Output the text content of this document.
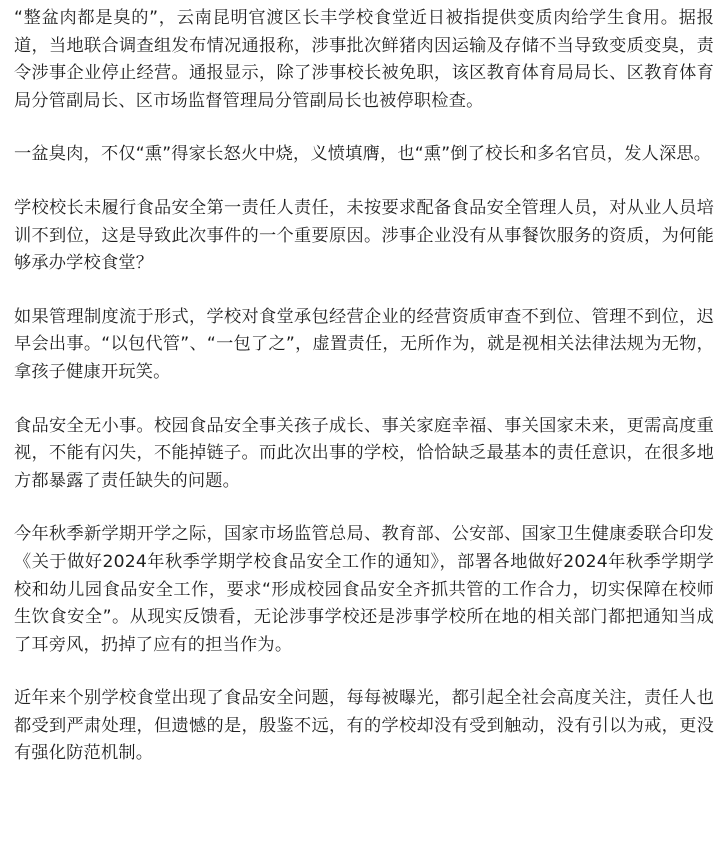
“整盆肉都是臭的”，云南昆明官渡区长丰学校食堂近日被指提供变质肉给学生食用。据报道，当地联合调查组发布情况通报称，涉事批次鲜猪肉因运输及存储不当导致变质变臭，责令涉事企业停止经营。通报显示，除了涉事校长被免职，该区教育体育局局长、区教育体育局分管副局长、区市场监督管理局分管副局长也被停职检查。

一盆臭肉，不仅“熏”得家长怒火中烧，义愤填膺，也“熏”倒了校长和多名官员，发人深思。

学校校长未履行食品安全第一责任人责任，未按要求配备食品安全管理人员，对从业人员培训不到位，这是导致此次事件的一个重要原因。涉事企业没有从事餐饮服务的资质，为何能够承办学校食堂？

如果管理制度流于形式，学校对食堂承包经营企业的经营资质审查不到位、管理不到位，迟早会出事。“以包代管”、“一包了之”，虚置责任，无所作为，就是视相关法律法规为无物，拿孩子健康开玩笑。

食品安全无小事。校园食品安全事关孩子成长、事关家庭幸福、事关国家未来，更需高度重视，不能有闪失，不能掉链子。而此次出事的学校，恰恰缺乏最基本的责任意识，在很多地方都暴露了责任缺失的问题。

今年秋季新学期开学之际，国家市场监管总局、教育部、公安部、国家卫生健康委联合印发《关于做好2024年秋季学期学校食品安全工作的通知》，部署各地做好2024年秋季学期学校和幼儿园食品安全工作，要求“形成校园食品安全齐抓共管的工作合力，切实保障在校师生饮食安全”。从现实反馈看，无论涉事学校还是涉事学校所在地的相关部门都把通知当成了耳旁风，扔掉了应有的担当作为。

近年来个别学校食堂出现了食品安全问题，每每被曝光，都引起全社会高度关注，责任人也都受到严肃处理，但遗憾的是，殷鉴不远，有的学校却没有受到触动，没有引以为戒，更没有强化防范机制。
